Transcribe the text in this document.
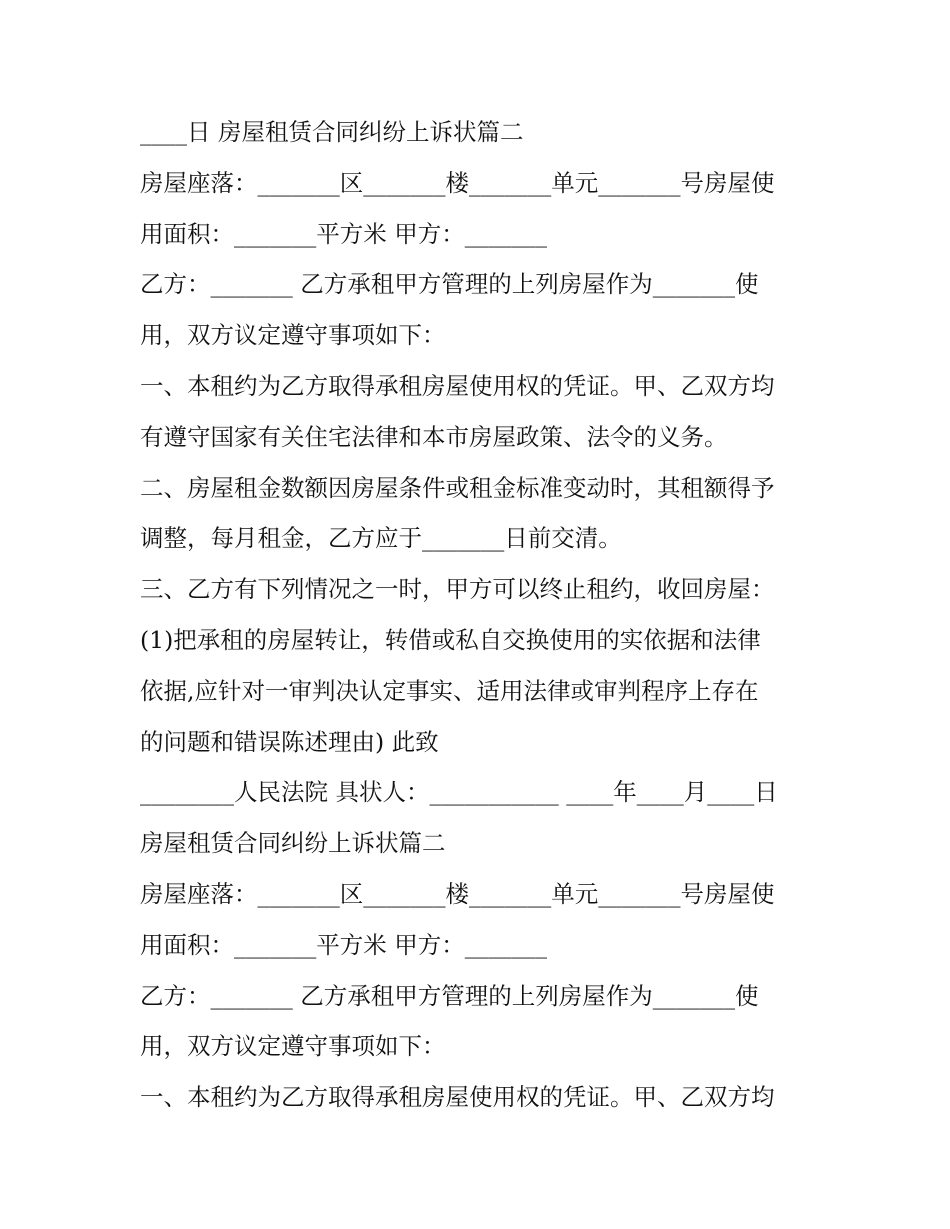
____日 房屋租赁合同纠纷上诉状篇二
房屋座落：_______区_______楼_______单元_______号房屋使
用面积：_______平方米 甲方：_______
乙方：_______ 乙方承租甲方管理的上列房屋作为_______使
用，双方议定遵守事项如下：
一、本租约为乙方取得承租房屋使用权的凭证。甲、乙双方均
有遵守国家有关住宅法律和本市房屋政策、法令的义务。
二、房屋租金数额因房屋条件或租金标准变动时，其租额得予
调整，每月租金，乙方应于_______日前交清。
三、乙方有下列情况之一时，甲方可以终止租约，收回房屋：
(1)把承租的房屋转让，转借或私自交换使用的实依据和法律
依据,应针对一审判决认定事实、适用法律或审判程序上存在
的问题和错误陈述理由) 此致
________人民法院 具状人：___________ ____年____月____日
房屋租赁合同纠纷上诉状篇二
房屋座落：_______区_______楼_______单元_______号房屋使
用面积：_______平方米 甲方：_______
乙方：_______ 乙方承租甲方管理的上列房屋作为_______使
用，双方议定遵守事项如下：
一、本租约为乙方取得承租房屋使用权的凭证。甲、乙双方均
